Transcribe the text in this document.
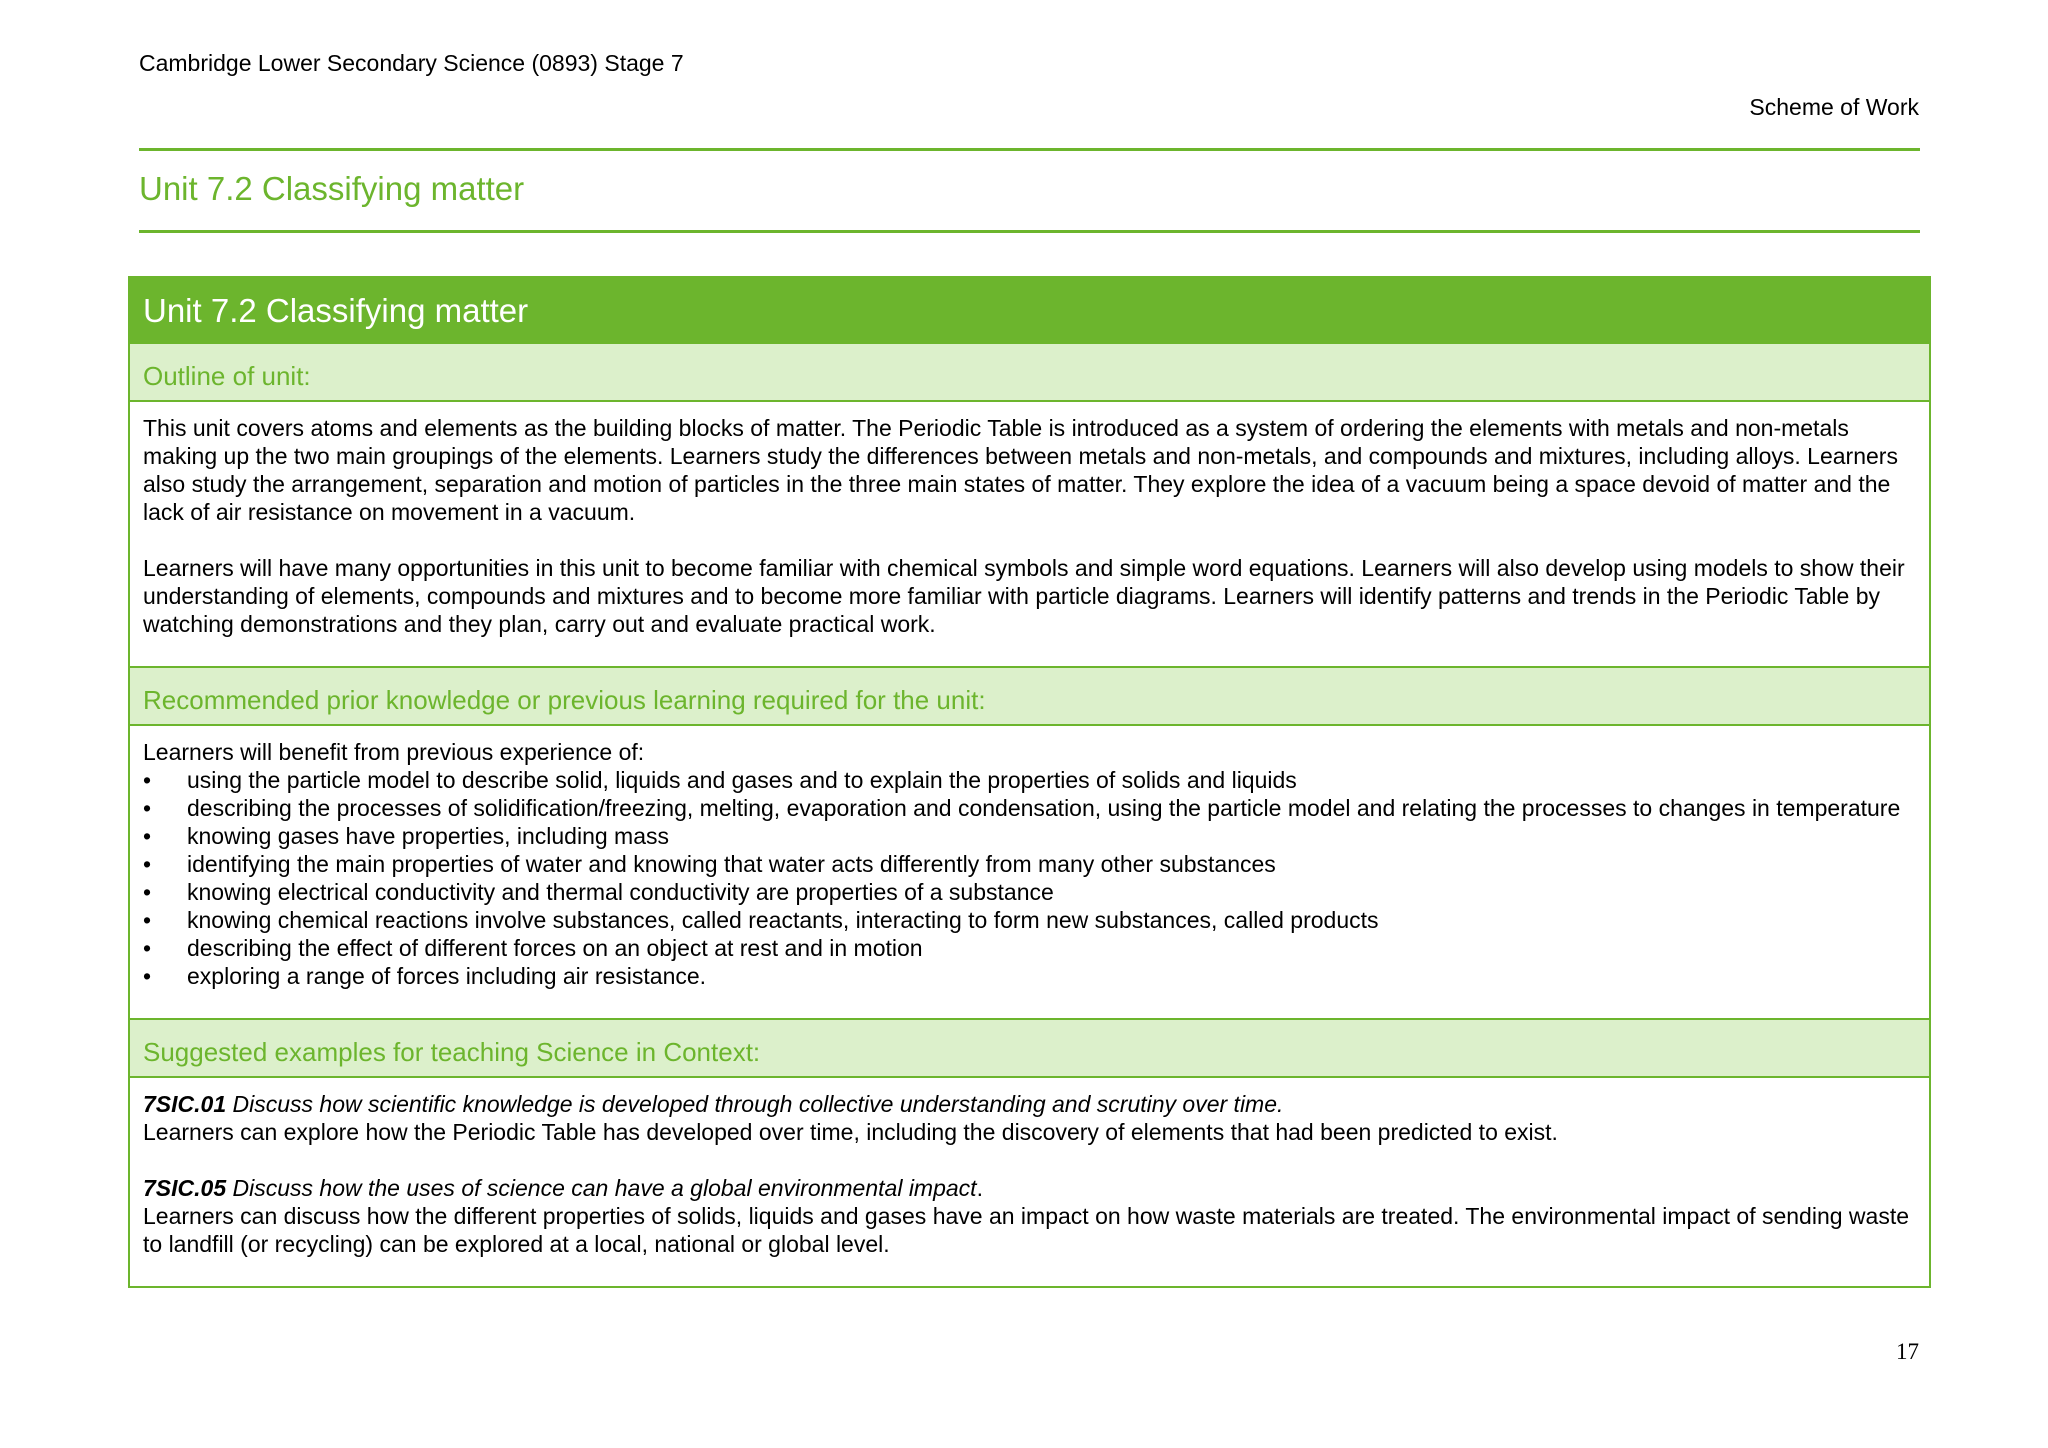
Cambridge Lower Secondary Science (0893) Stage 7
Scheme of Work
Unit 7.2 Classifying matter
Unit 7.2 Classifying matter
Outline of unit:

This unit covers atoms and elements as the building blocks of matter. The Periodic Table is introduced as a system of ordering the elements with metals and non-metals making up the two main groupings of the elements. Learners study the differences between metals and non-metals, and compounds and mixtures, including alloys. Learners also study the arrangement, separation and motion of particles in the three main states of matter. They explore the idea of a vacuum being a space devoid of matter and the lack of air resistance on movement in a vacuum.

Learners will have many opportunities in this unit to become familiar with chemical symbols and simple word equations. Learners will also develop using models to show their understanding of elements, compounds and mixtures and to become more familiar with particle diagrams. Learners will identify patterns and trends in the Periodic Table by watching demonstrations and they plan, carry out and evaluate practical work.

Recommended prior knowledge or previous learning required for the unit:

Learners will benefit from previous experience of:

• using the particle model to describe solid, liquids and gases and to explain the properties of solids and liquids
• describing the processes of solidification/freezing, melting, evaporation and condensation, using the particle model and relating the processes to changes in temperature
• knowing gases have properties, including mass
• identifying the main properties of water and knowing that water acts differently from many other substances
• knowing electrical conductivity and thermal conductivity are properties of a substance
• knowing chemical reactions involve substances, called reactants, interacting to form new substances, called products
• describing the effect of different forces on an object at rest and in motion
• exploring a range of forces including air resistance.
Suggested examples for teaching Science in Context:

7SIC.01 Discuss how scientific knowledge is developed through collective understanding and scrutiny over time.

Learners can explore how the Periodic Table has developed over time, including the discovery of elements that had been predicted to exist.

7SIC.05 Discuss how the uses of science can have a global environmental impact.

Learners can discuss how the different properties of solids, liquids and gases have an impact on how waste materials are treated. The environmental impact of sending waste to landfill (or recycling) can be explored at a local, national or global level.

17
